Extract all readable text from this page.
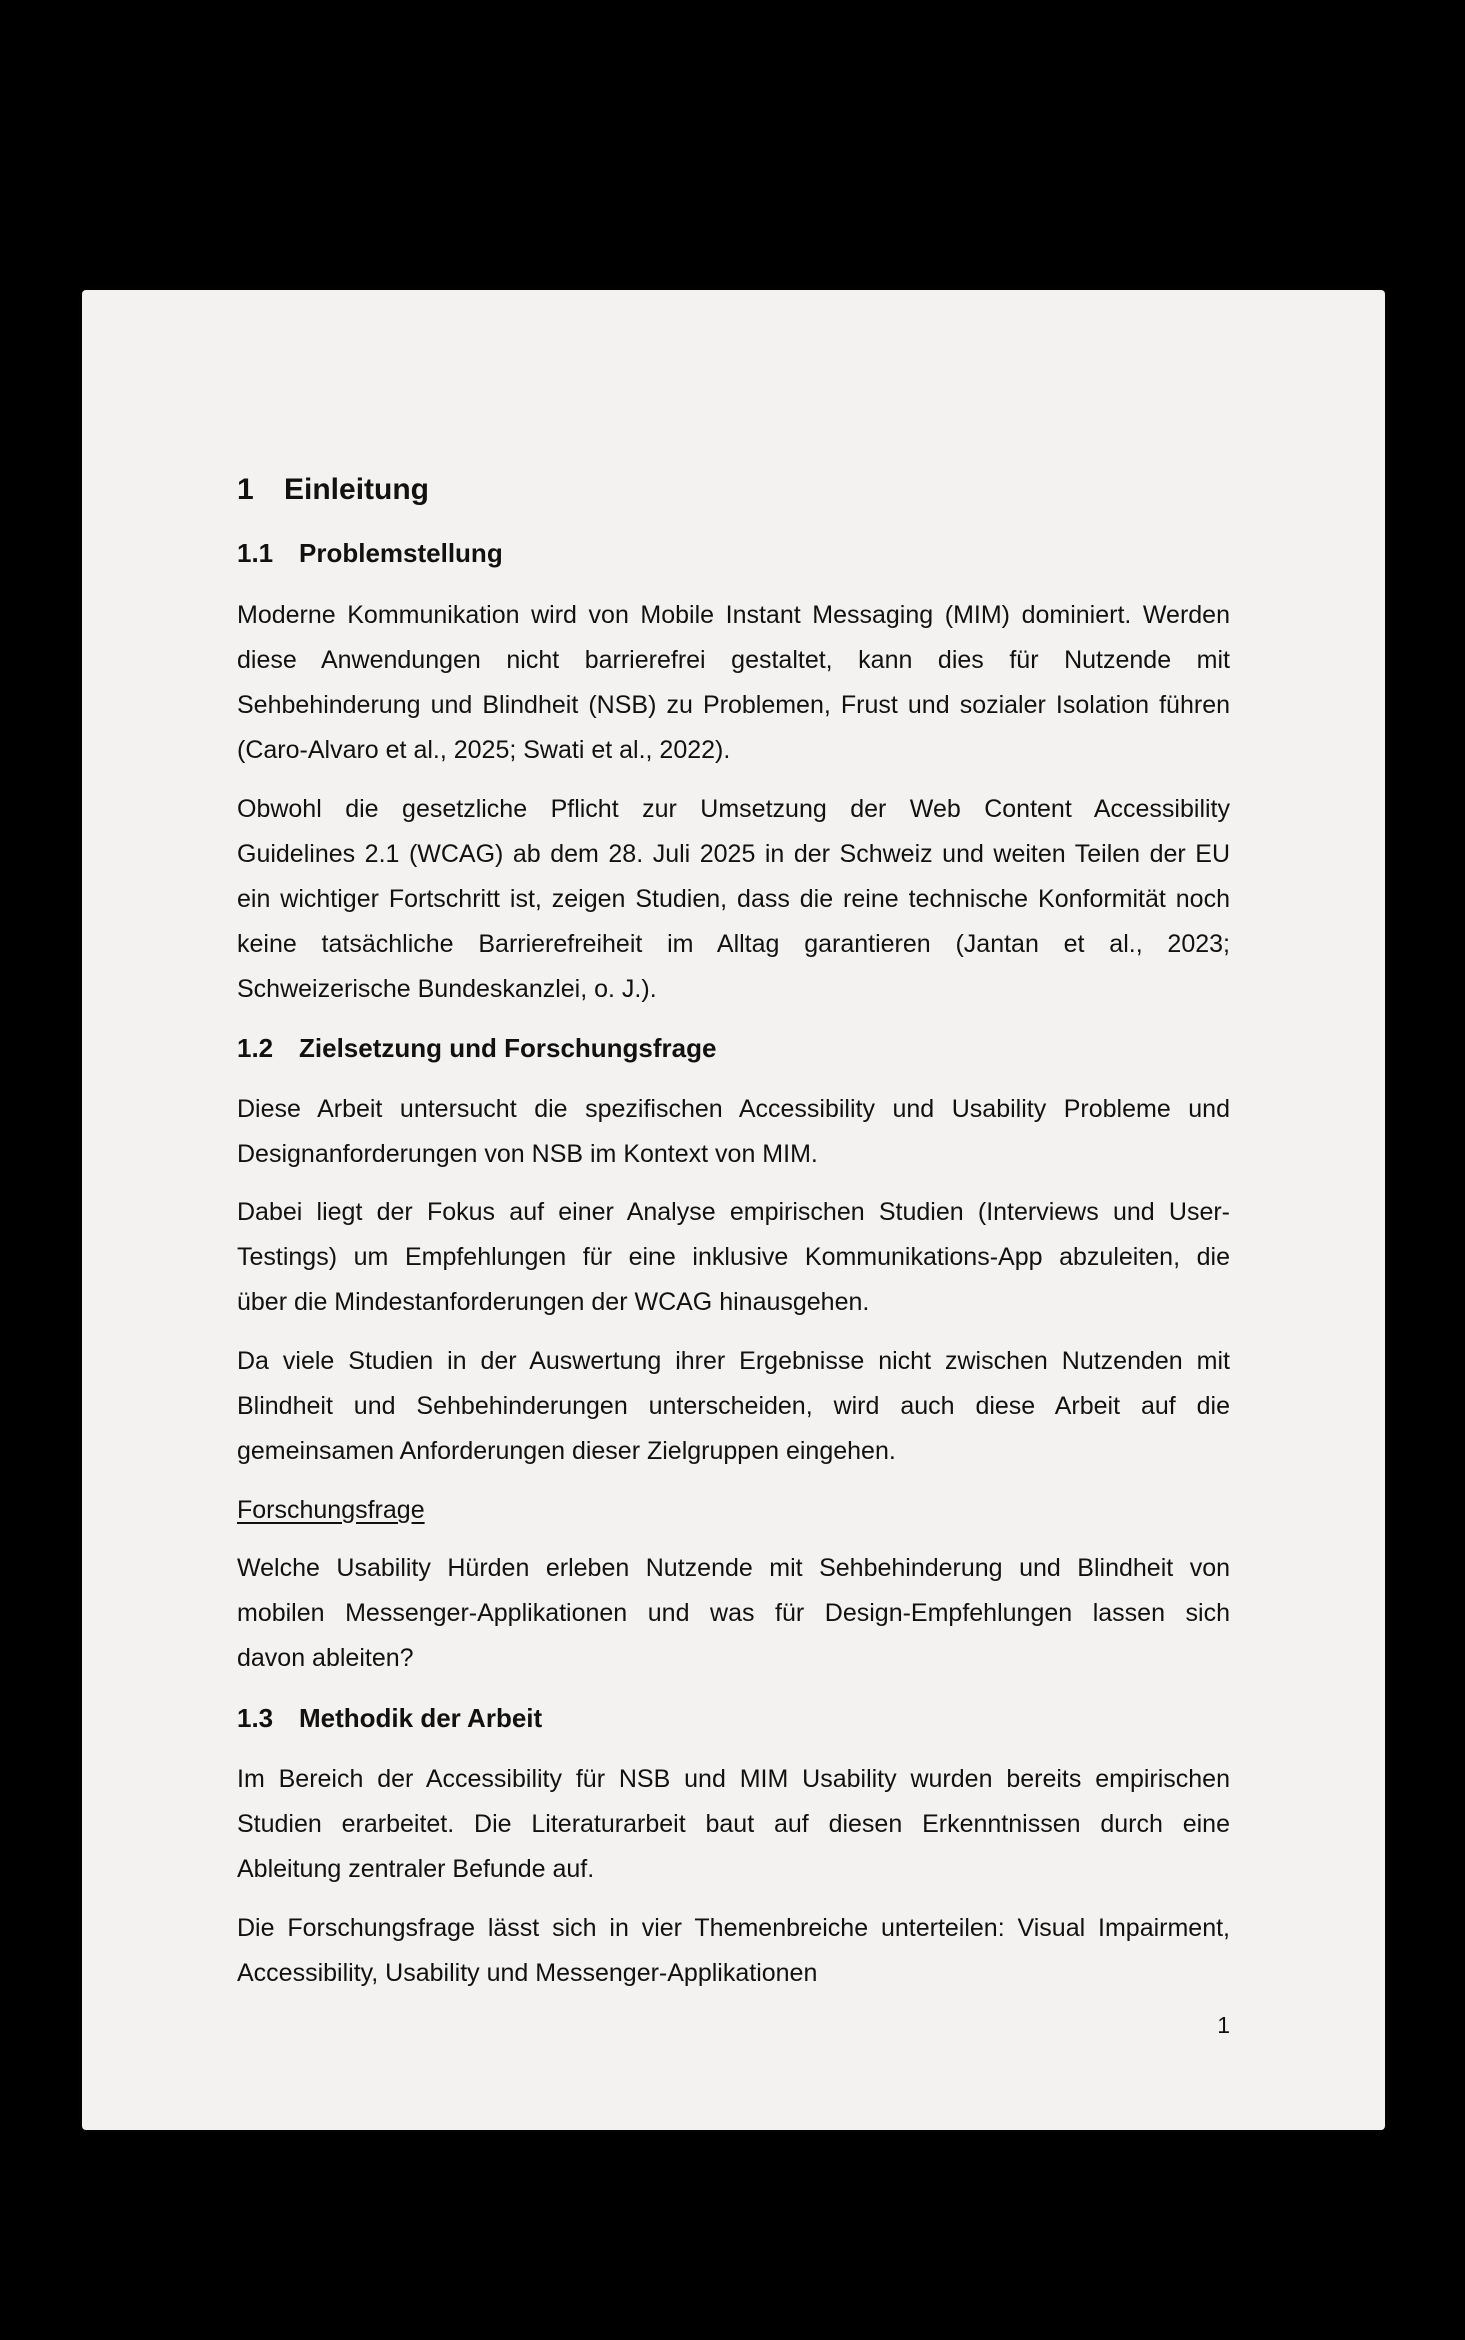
1 Einleitung
1.1 Problemstellung
Moderne Kommunikation wird von Mobile Instant Messaging (MIM) dominiert. Werden
diese Anwendungen nicht barrierefrei gestaltet, kann dies für Nutzende mit
Sehbehinderung und Blindheit (NSB) zu Problemen, Frust und sozialer Isolation führen
(Caro-Alvaro et al., 2025; Swati et al., 2022).
Obwohl die gesetzliche Pflicht zur Umsetzung der Web Content Accessibility
Guidelines 2.1 (WCAG) ab dem 28. Juli 2025 in der Schweiz und weiten Teilen der EU
ein wichtiger Fortschritt ist, zeigen Studien, dass die reine technische Konformität noch
keine tatsächliche Barrierefreiheit im Alltag garantieren (Jantan et al., 2023;
Schweizerische Bundeskanzlei, o. J.).
1.2 Zielsetzung und Forschungsfrage
Diese Arbeit untersucht die spezifischen Accessibility und Usability Probleme und
Designanforderungen von NSB im Kontext von MIM.
Dabei liegt der Fokus auf einer Analyse empirischen Studien (Interviews und User-
Testings) um Empfehlungen für eine inklusive Kommunikations-App abzuleiten, die
über die Mindestanforderungen der WCAG hinausgehen.
Da viele Studien in der Auswertung ihrer Ergebnisse nicht zwischen Nutzenden mit
Blindheit und Sehbehinderungen unterscheiden, wird auch diese Arbeit auf die
gemeinsamen Anforderungen dieser Zielgruppen eingehen.
Forschungsfrage
Welche Usability Hürden erleben Nutzende mit Sehbehinderung und Blindheit von
mobilen Messenger-Applikationen und was für Design-Empfehlungen lassen sich
davon ableiten?
1.3 Methodik der Arbeit
Im Bereich der Accessibility für NSB und MIM Usability wurden bereits empirischen
Studien erarbeitet. Die Literaturarbeit baut auf diesen Erkenntnissen durch eine
Ableitung zentraler Befunde auf.
Die Forschungsfrage lässt sich in vier Themenbreiche unterteilen: Visual Impairment,
Accessibility, Usability und Messenger-Applikationen
1
